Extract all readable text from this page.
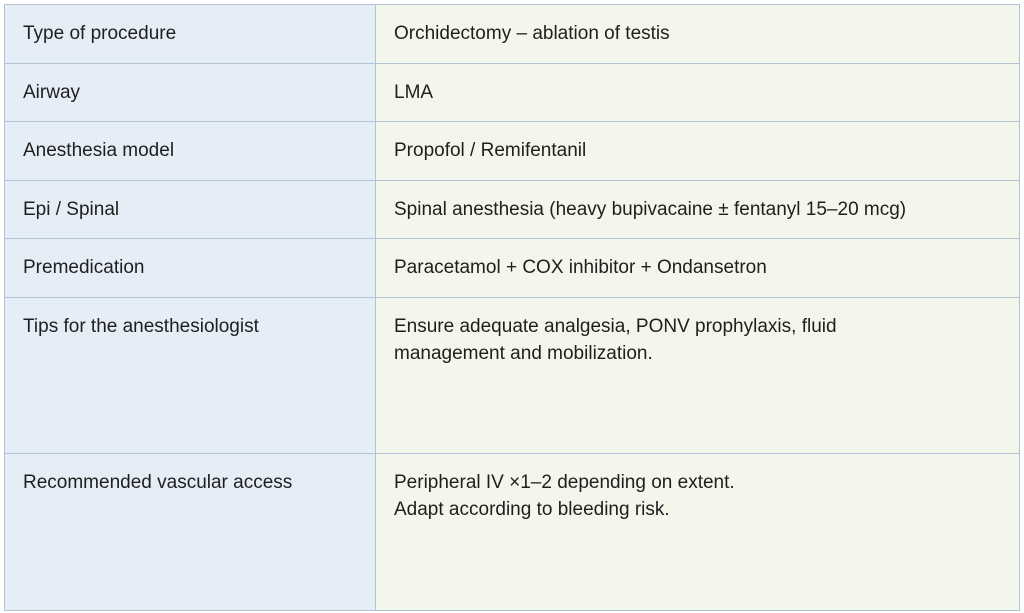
Type of procedure	Orchidectomy – ablation of testis

Airway	LMA

Anesthesia model	Propofol / Remifentanil

Epi / Spinal	Spinal anesthesia (heavy bupivacaine ± fentanyl 15–20 mcg)

Premedication	Paracetamol + COX inhibitor + Ondansetron

Tips for the anesthesiologist	Ensure adequate analgesia, PONV prophylaxis, fluid
management and mobilization.

Recommended vascular access	Peripheral IV ×1–2 depending on extent.
Adapt according to bleeding risk.
